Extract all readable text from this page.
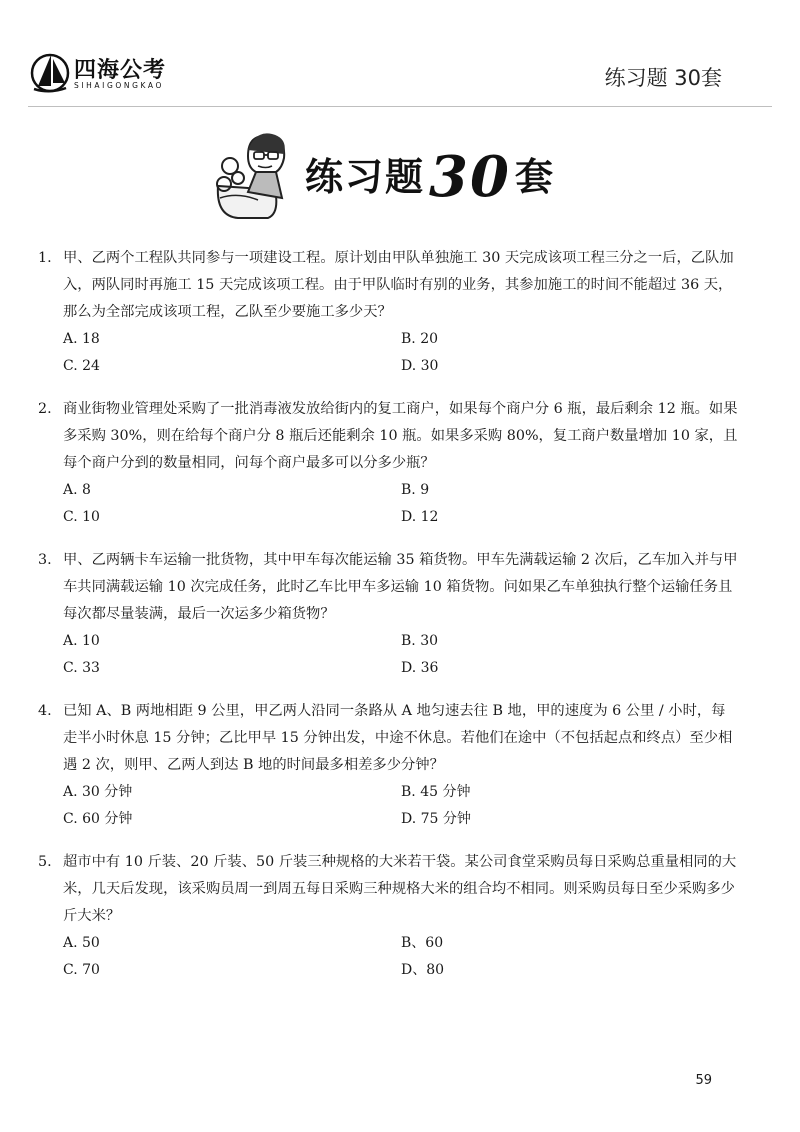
四海公考
SIHAIGONGKAO	练习题 30套
练习题30 套
1. 甲、乙两个工程队共同参与一项建设工程。原计划由甲队单独施工 30 天完成该项工程三分之一后，乙队加入，两队同时再施工 15 天完成该项工程。由于甲队临时有别的业务，其参加施工的时间不能超过 36 天，那么为全部完成该项工程，乙队至少要施工多少天？
A. 18	B. 20
C. 24	D. 30
2. 商业街物业管理处采购了一批消毒液发放给街内的复工商户，如果每个商户分 6 瓶，最后剩余 12 瓶。如果多采购 30%，则在给每个商户分 8 瓶后还能剩余 10 瓶。如果多采购 80%，复工商户数量增加 10 家，且每个商户分到的数量相同，问每个商户最多可以分多少瓶？
A. 8	B. 9
C. 10	D. 12
3. 甲、乙两辆卡车运输一批货物，其中甲车每次能运输 35 箱货物。甲车先满载运输 2 次后，乙车加入并与甲车共同满载运输 10 次完成任务，此时乙车比甲车多运输 10 箱货物。问如果乙车单独执行整个运输任务且每次都尽量装满，最后一次运多少箱货物？
A. 10	B. 30
C. 33	D. 36
4. 已知 A、B 两地相距 9 公里，甲乙两人沿同一条路从 A 地匀速去往 B 地，甲的速度为 6 公里 / 小时，每走半小时休息 15 分钟；乙比甲早 15 分钟出发，中途不休息。若他们在途中（不包括起点和终点）至少相遇 2 次，则甲、乙两人到达 B 地的时间最多相差多少分钟？
A. 30 分钟	B. 45 分钟
C. 60 分钟	D. 75 分钟
5. 超市中有 10 斤装、20 斤装、50 斤装三种规格的大米若干袋。某公司食堂采购员每日采购总重量相同的大米，几天后发现，该采购员周一到周五每日采购三种规格大米的组合均不相同。则采购员每日至少采购多少斤大米？
A. 50	B、60
C. 70	D、80
59
